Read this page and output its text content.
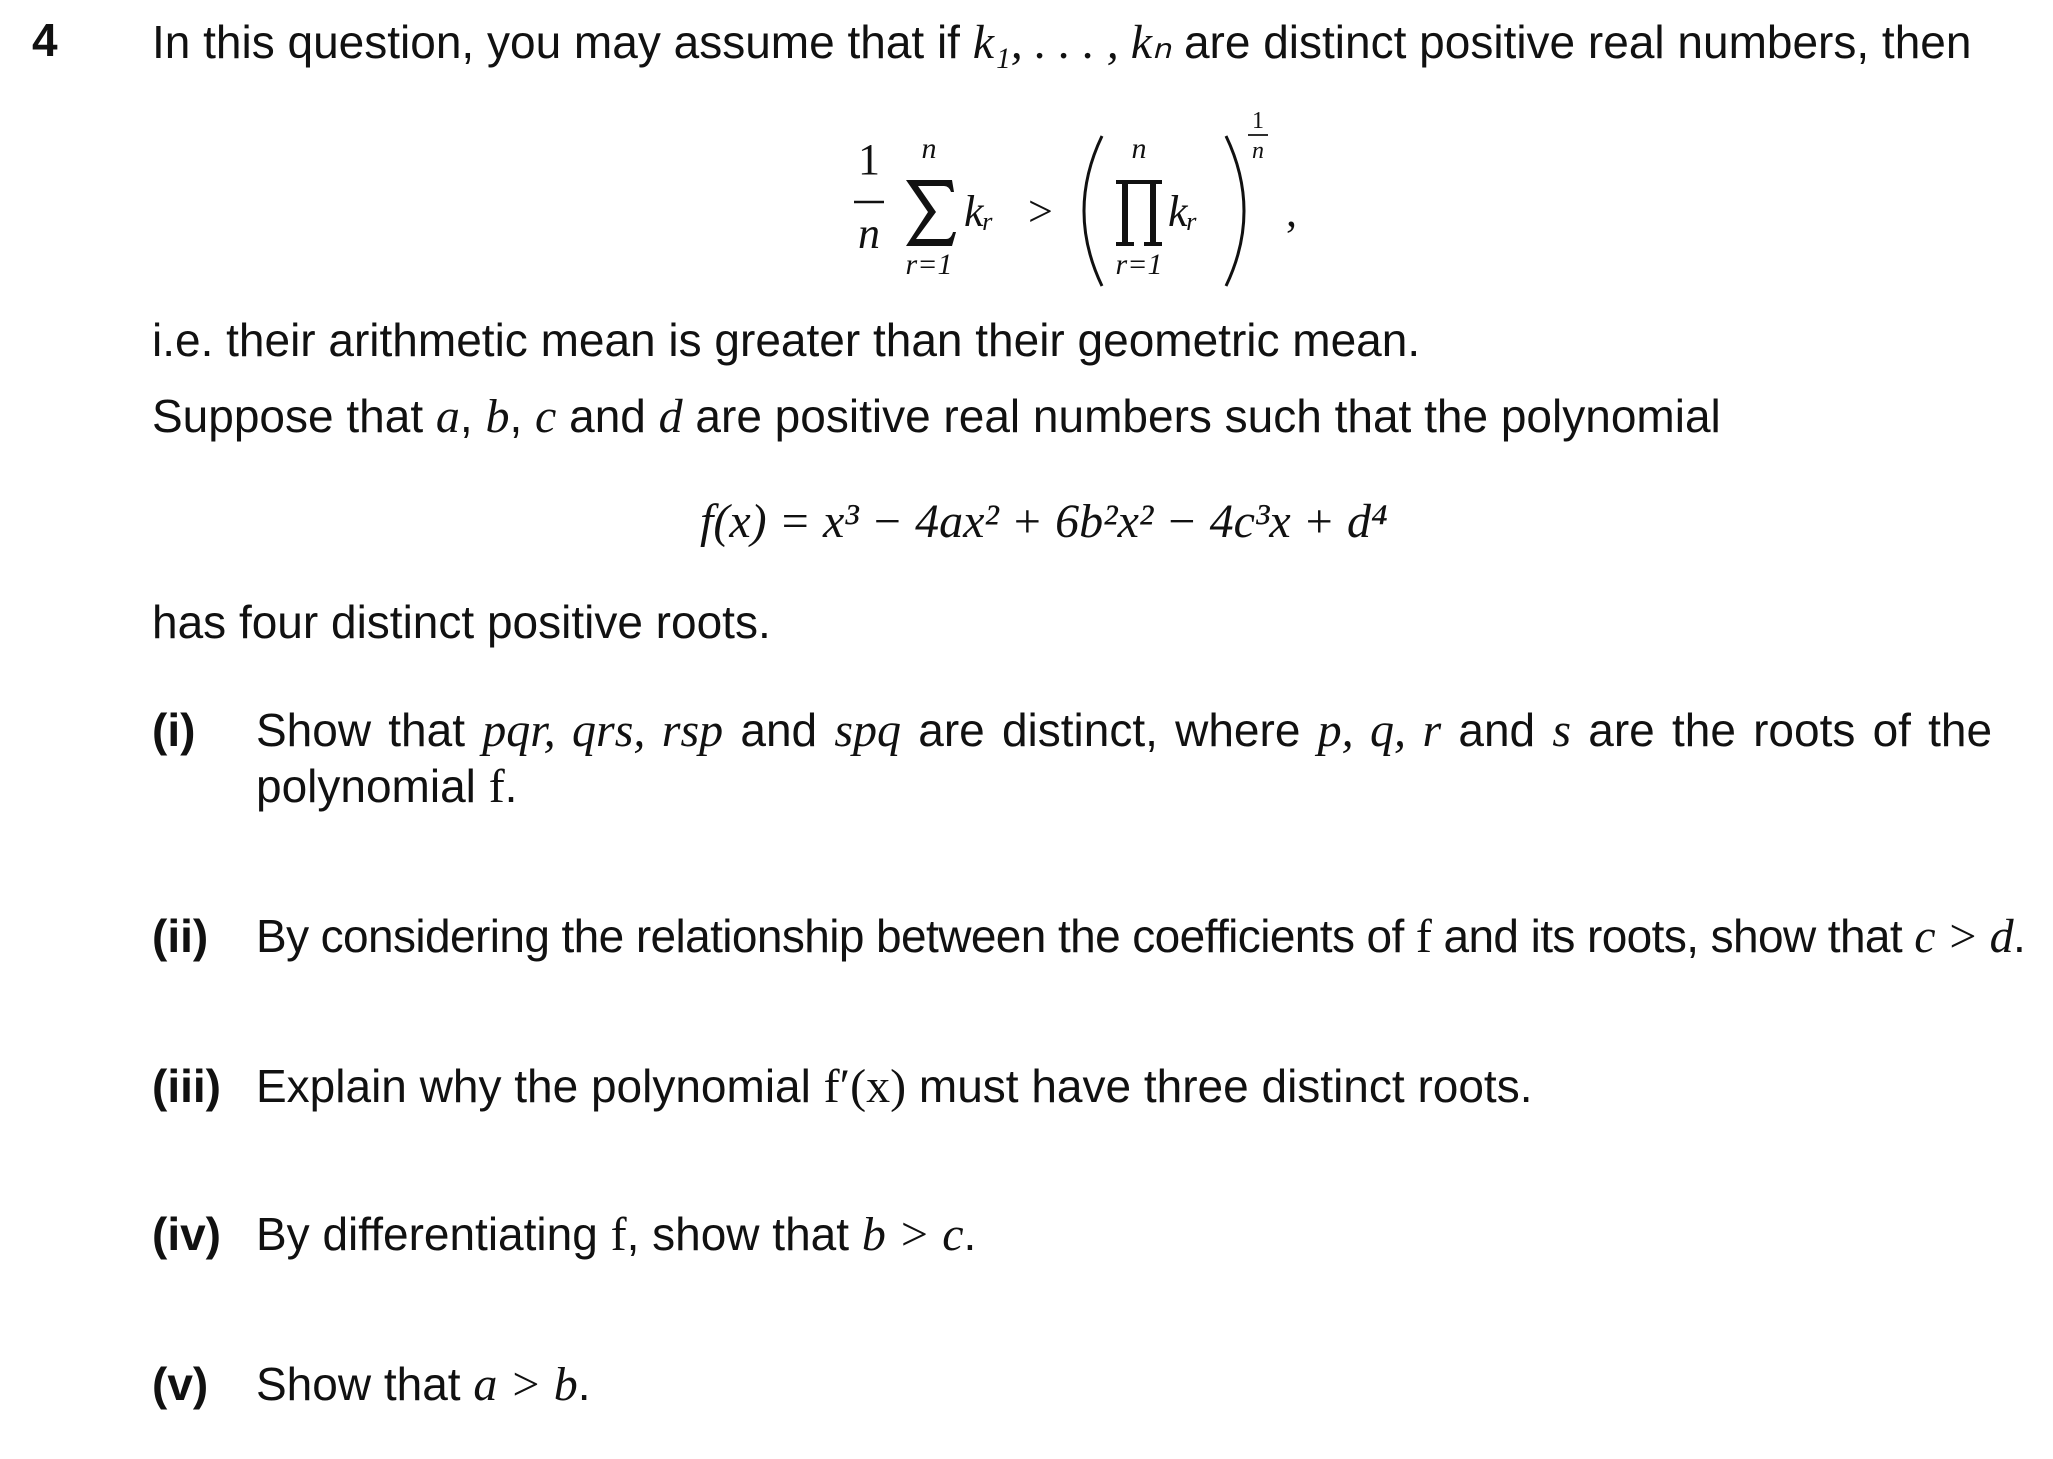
4 In this question, you may assume that if k₁, . . . , kₙ are distinct positive real numbers, then
1
n
n
r=1
kᵣ >
n
r=1
kᵣ
1
n
,
i.e. their arithmetic mean is greater than their geometric mean.
Suppose that a, b, c and d are positive real numbers such that the polynomial
f(x) = x³ − 4ax² + 6b²x² − 4c³x + d⁴
has four distinct positive roots.
(i) Show that pqr, qrs, rsp and spq are distinct, where p, q, r and s are the roots of the
polynomial f.
(ii) By considering the relationship between the coefficients of f and its roots, show that c > d.
(iii) Explain why the polynomial f′(x) must have three distinct roots.
(iv) By differentiating f, show that b > c.
(v) Show that a > b.
